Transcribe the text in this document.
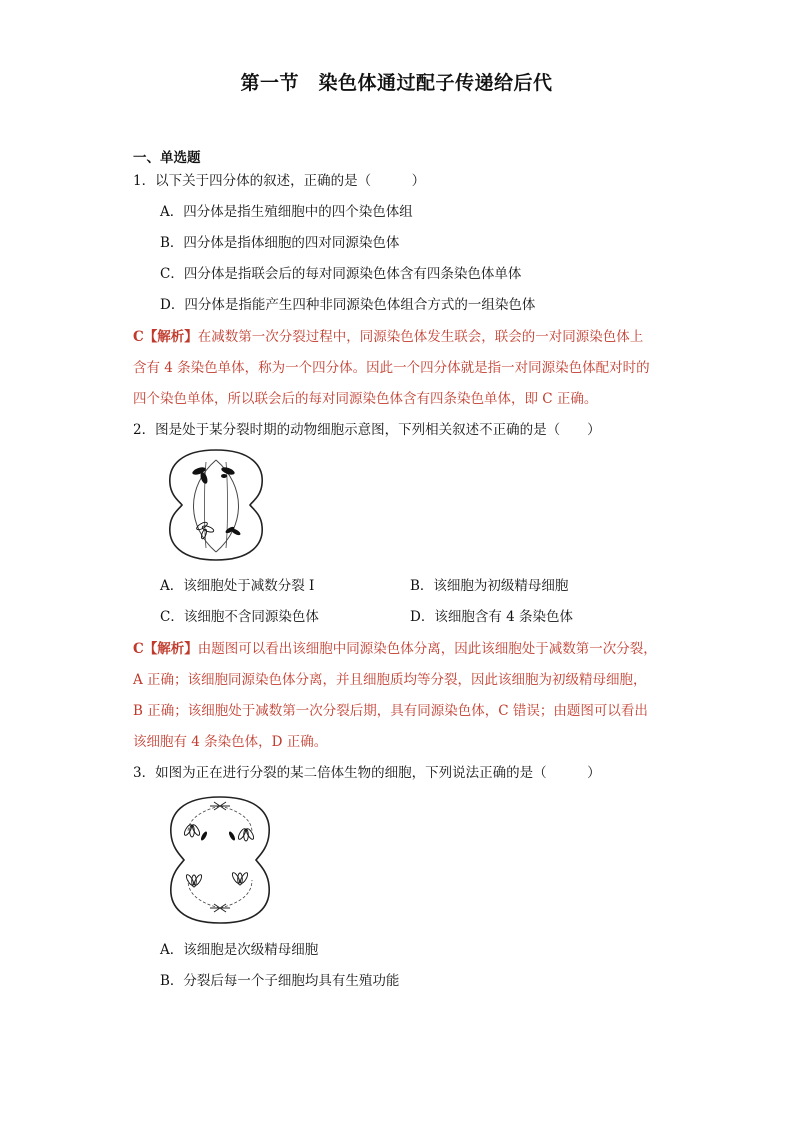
第一节　染色体通过配子传递给后代
一、单选题
1．以下关于四分体的叙述，正确的是（　　　）
A．四分体是指生殖细胞中的四个染色体组
B．四分体是指体细胞的四对同源染色体
C．四分体是指联会后的每对同源染色体含有四条染色体单体
D．四分体是指能产生四种非同源染色体组合方式的一组染色体
C【解析】在减数第一次分裂过程中，同源染色体发生联会，联会的一对同源染色体上
含有 4 条染色单体，称为一个四分体。因此一个四分体就是指一对同源染色体配对时的
四个染色单体，所以联会后的每对同源染色体含有四条染色单体，即 C 正确。
2．图是处于某分裂时期的动物细胞示意图，下列相关叙述不正确的是（　　）
A．该细胞处于减数分裂 Ⅰ	B．该细胞为初级精母细胞
C．该细胞不含同源染色体	D．该细胞含有 4 条染色体
C【解析】由题图可以看出该细胞中同源染色体分离，因此该细胞处于减数第一次分裂，
A 正确；该细胞同源染色体分离，并且细胞质均等分裂，因此该细胞为初级精母细胞，
B 正确；该细胞处于减数第一次分裂后期，具有同源染色体，C 错误；由题图可以看出
该细胞有 4 条染色体，D 正确。
3．如图为正在进行分裂的某二倍体生物的细胞，下列说法正确的是（　　　）
A．该细胞是次级精母细胞
B．分裂后每一个子细胞均具有生殖功能
